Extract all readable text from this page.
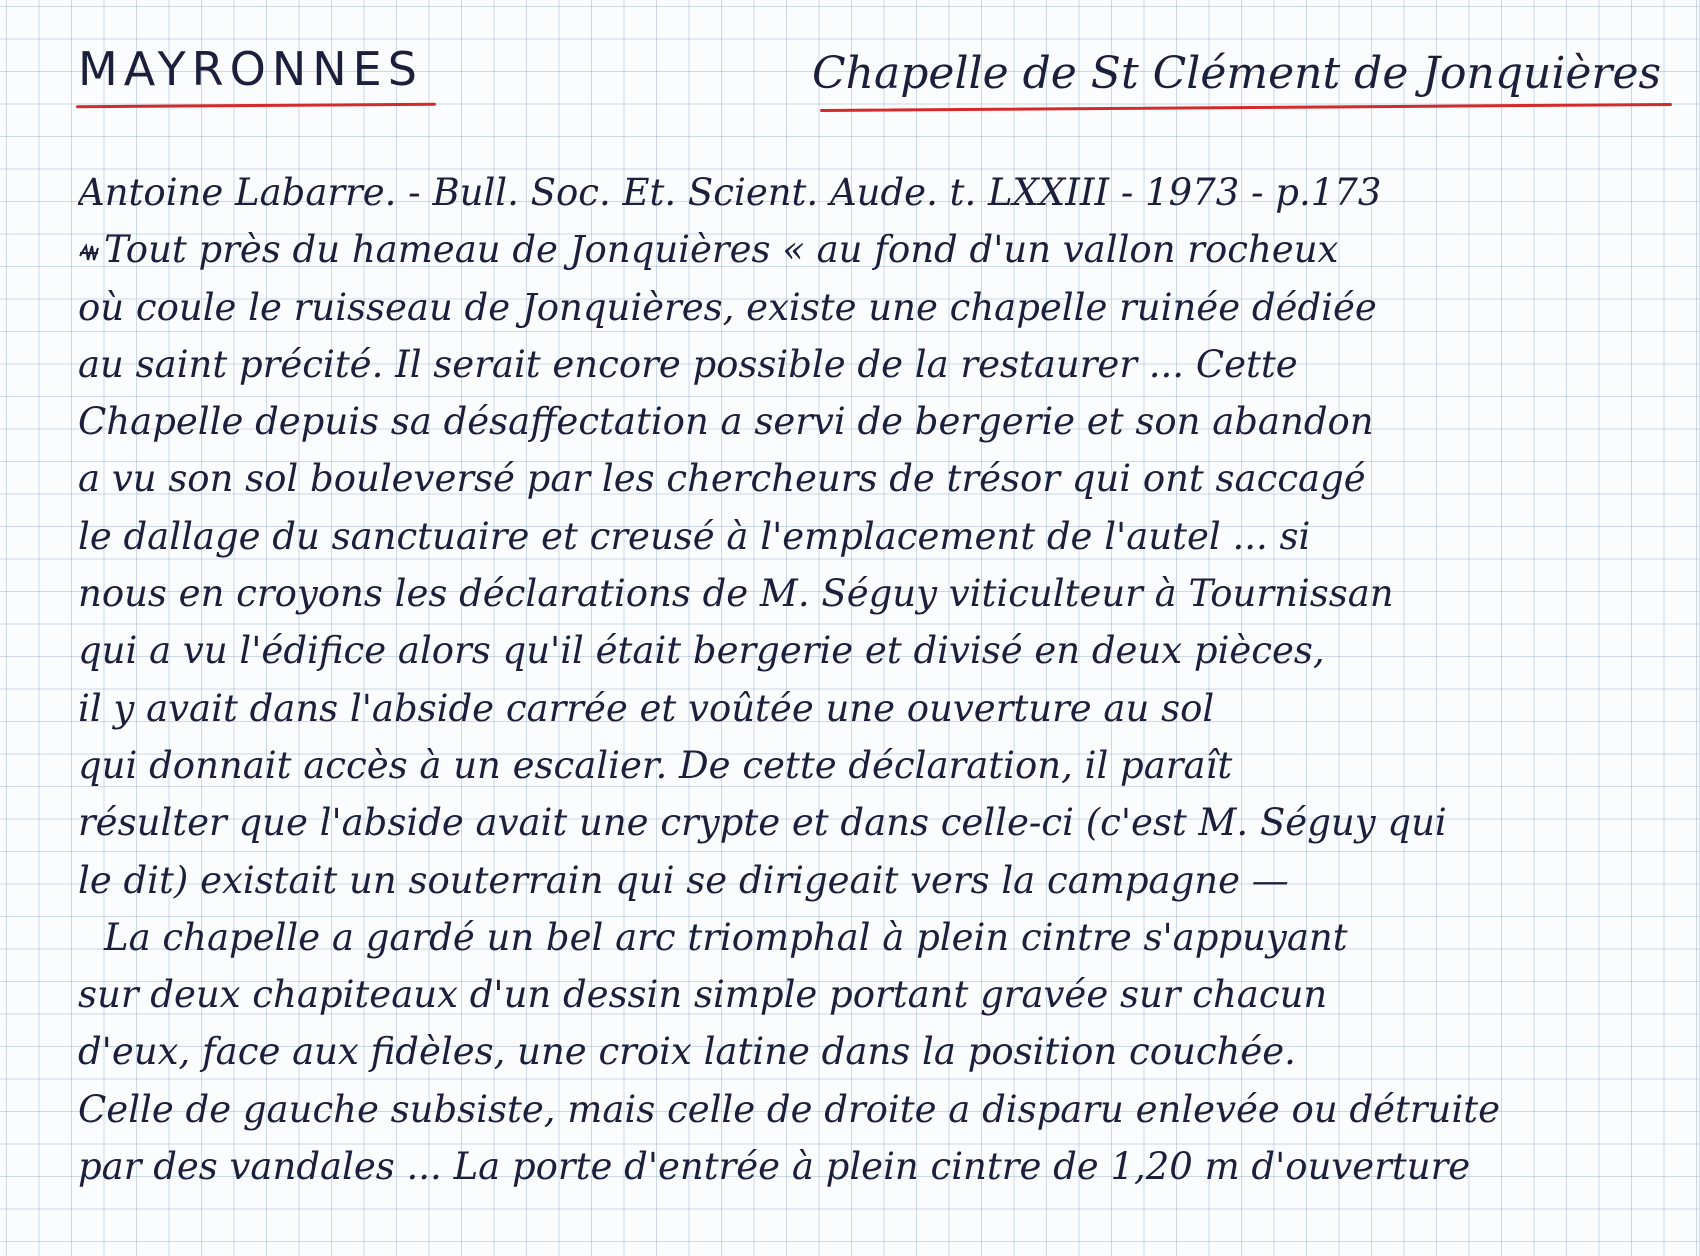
MAYRONNES	Chapelle de St Clément de Jonquières
Antoine Labarre. - Bull. Soc. Et. Scient. Aude. t. LXXIII - 1973 - p.173
Tout près du hameau de Jonquières « au fond d'un vallon rocheux
où coule le ruisseau de Jonquières, existe une chapelle ruinée dédiée
au saint précité. Il serait encore possible de la restaurer ... Cette
Chapelle depuis sa désaffectation a servi de bergerie et son abandon
a vu son sol bouleversé par les chercheurs de trésor qui ont saccagé
le dallage du sanctuaire et creusé à l'emplacement de l'autel ... si
nous en croyons les déclarations de M. Séguy viticulteur à Tournissan
qui a vu l'édifice alors qu'il était bergerie et divisé en deux pièces,
il y avait dans l'abside carrée et voûtée une ouverture au sol
qui donnait accès à un escalier. De cette déclaration, il paraît
résulter que l'abside avait une crypte et dans celle-ci (c'est M. Séguy qui
le dit) existait un souterrain qui se dirigeait vers la campagne —
La chapelle a gardé un bel arc triomphal à plein cintre s'appuyant
sur deux chapiteaux d'un dessin simple portant gravée sur chacun
d'eux, face aux fidèles, une croix latine dans la position couchée.
Celle de gauche subsiste, mais celle de droite a disparu enlevée ou détruite
par des vandales ... La porte d'entrée à plein cintre de 1,20 m d'ouverture
